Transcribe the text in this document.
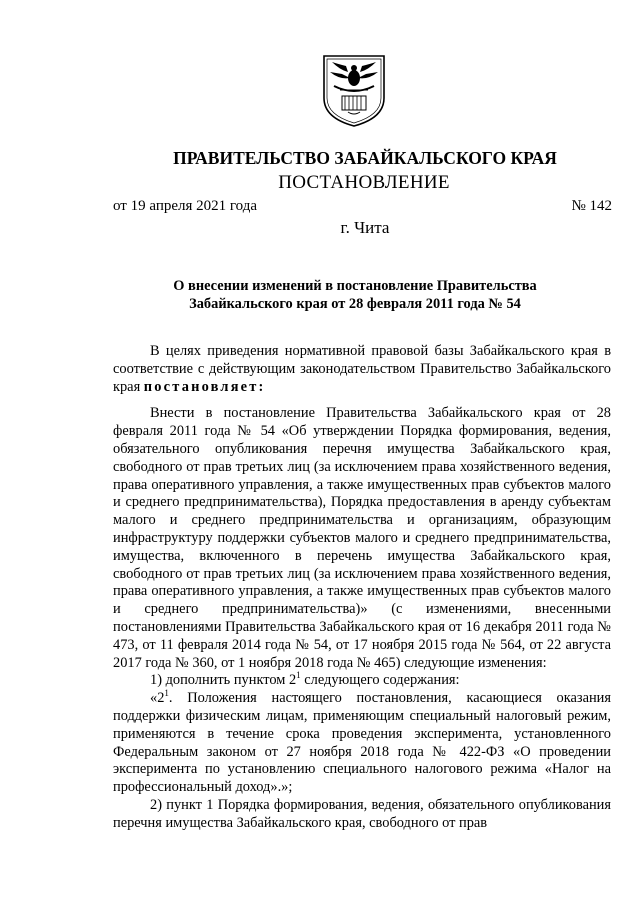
ПРАВИТЕЛЬСТВО ЗАБАЙКАЛЬСКОГО КРАЯ
ПОСТАНОВЛЕНИЕ
от 19 апреля 2021 года	№ 142
г. Чита
О внесении изменений в постановление Правительства
Забайкальского края от 28 февраля 2011 года № 54

В целях приведения нормативной правовой базы Забайкальского края в соответствие с действующим законодательством Правительство Забайкальского края постановляет:

Внести в постановление Правительства Забайкальского края от 28 февраля 2011 года № 54 «Об утверждении Порядка формирования, ведения, обязательного опубликования перечня имущества Забайкальского края, свободного от прав третьих лиц (за исключением права хозяйственного ведения, права оперативного управления, а также имущественных прав субъектов малого и среднего предпринимательства), Порядка предоставления в аренду субъектам малого и среднего предпринимательства и организациям, образующим инфраструктуру поддержки субъектов малого и среднего предпринимательства, имущества, включенного в перечень имущества Забайкальского края, свободного от прав третьих лиц (за исключением права хозяйственного ведения, права оперативного управления, а также имущественных прав субъектов малого и среднего предпринимательства)» (с изменениями, внесенными постановлениями Правительства Забайкальского края от 16 декабря 2011 года № 473, от 11 февраля 2014 года № 54, от 17 ноября 2015 года № 564, от 22 августа 2017 года № 360, от 1 ноября 2018 года № 465) следующие изменения:

1) дополнить пунктом $2^1$ следующего содержания:

«$2^1$. Положения настоящего постановления, касающиеся оказания поддержки физическим лицам, применяющим специальный налоговый режим, применяются в течение срока проведения эксперимента, установленного Федеральным законом от 27 ноября 2018 года № 422-ФЗ «О проведении эксперимента по установлению специального налогового режима «Налог на профессиональный доход».»;

2) пункт 1 Порядка формирования, ведения, обязательного опубликования перечня имущества Забайкальского края, свободного от прав
